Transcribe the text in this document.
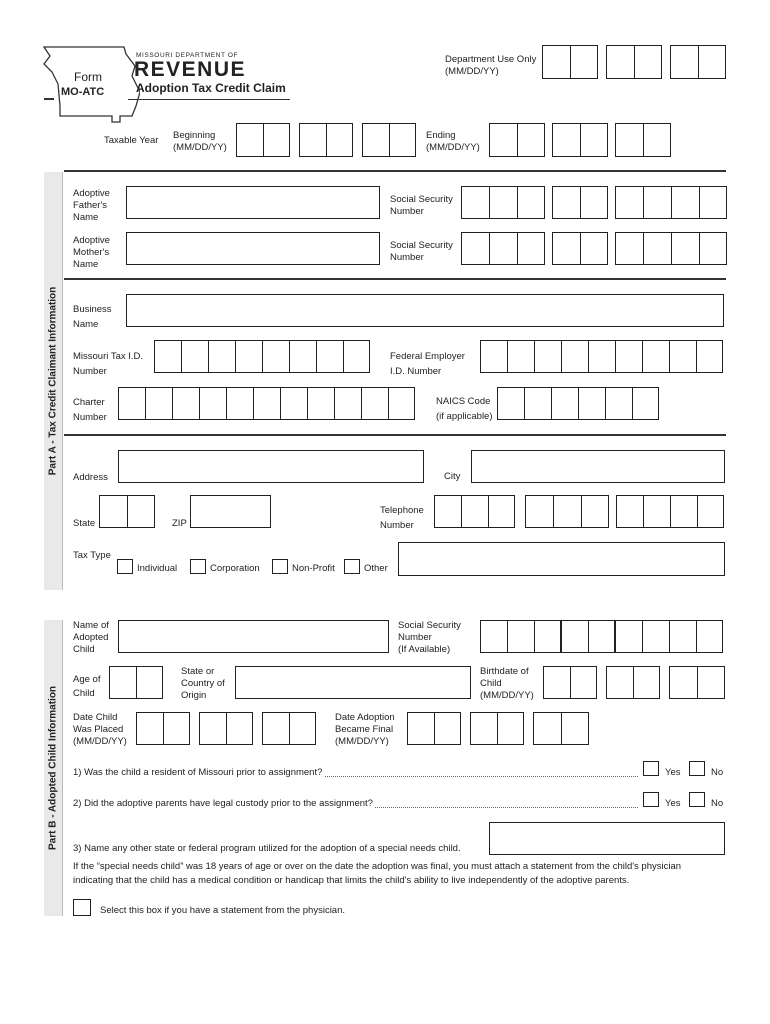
Form
MO-ATC
MISSOURI DEPARTMENT OF
REVENUE
Adoption Tax Credit Claim
Department Use Only
(MM/DD/YY)
Taxable Year Beginning
(MM/DD/YY)
Ending
(MM/DD/YY)
Part A - Tax Credit Claimant Information
Adoptive
Father's
Name
Social Security
Number
Adoptive
Mother's
Name
Social Security
Number
Business
Name
Missouri Tax I.D.
Number
Federal Employer
I.D. Number
Charter
Number
NAICS Code
(if applicable)
Address	City
State	ZIP
Telephone
Number
Tax Type
Individual	Corporation	Non-Profit	Other
Part B - Adopted Child Information
Name of
Adopted
Child
Social Security
Number
(If Available)
Age of
Child
State or
Country of
Origin
Birthdate of
Child
(MM/DD/YY)
Date Child
Was Placed
(MM/DD/YY)
Date Adoption
Became Final
(MM/DD/YY)
1) Was the child a resident of Missouri prior to assignment?	Yes	No
2) Did the adoptive parents have legal custody prior to the assignment?	Yes	No
3) Name any other state or federal program utilized for the adoption of a special needs child.
If the “special needs child” was 18 years of age or over on the date the adoption was final, you must attach a statement from the child's physician indicating that the child has a medical condition or handicap that limits the child's ability to live independently of the adoptive parents.
Select this box if you have a statement from the physician.
